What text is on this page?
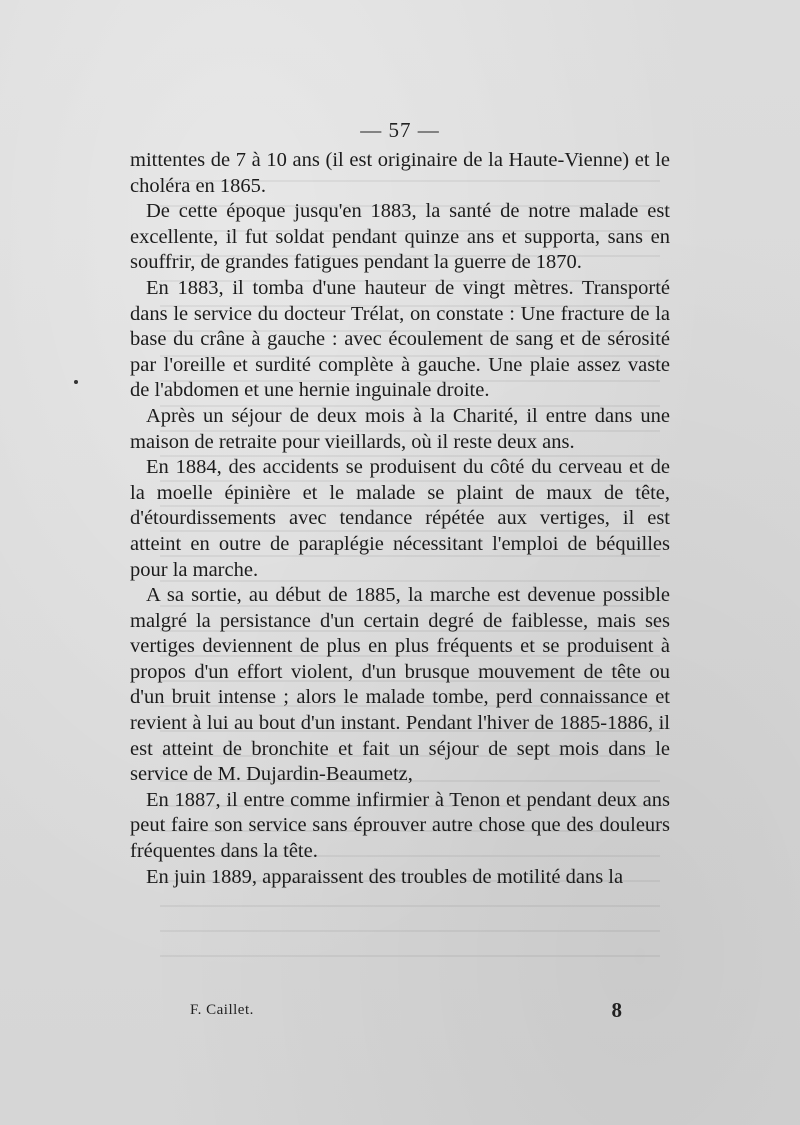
— 57 —

mittentes de 7 à 10 ans (il est originaire de la Haute-Vienne) et le choléra en 1865.

De cette époque jusqu'en 1883, la santé de notre malade est excellente, il fut soldat pendant quinze ans et supporta, sans en souffrir, de grandes fatigues pendant la guerre de 1870.

En 1883, il tomba d'une hauteur de vingt mètres. Transporté dans le service du docteur Trélat, on constate : Une fracture de la base du crâne à gauche : avec écoulement de sang et de sérosité par l'oreille et surdité complète à gauche. Une plaie assez vaste de l'abdomen et une hernie inguinale droite.

Après un séjour de deux mois à la Charité, il entre dans une maison de retraite pour vieillards, où il reste deux ans.

En 1884, des accidents se produisent du côté du cerveau et de la moelle épinière et le malade se plaint de maux de tête, d'étourdissements avec tendance répétée aux vertiges, il est atteint en outre de paraplégie nécessitant l'emploi de béquilles pour la marche.

A sa sortie, au début de 1885, la marche est devenue possible malgré la persistance d'un certain degré de faiblesse, mais ses vertiges deviennent de plus en plus fréquents et se produisent à propos d'un effort violent, d'un brusque mouvement de tête ou d'un bruit intense ; alors le malade tombe, perd connaissance et revient à lui au bout d'un instant. Pendant l'hiver de 1885-1886, il est atteint de bronchite et fait un séjour de sept mois dans le service de M. Dujardin-Beaumetz,

En 1887, il entre comme infirmier à Tenon et pendant deux ans peut faire son service sans éprouver autre chose que des douleurs fréquentes dans la tête.

En juin 1889, apparaissent des troubles de motilité dans la

F. Caillet.	8
